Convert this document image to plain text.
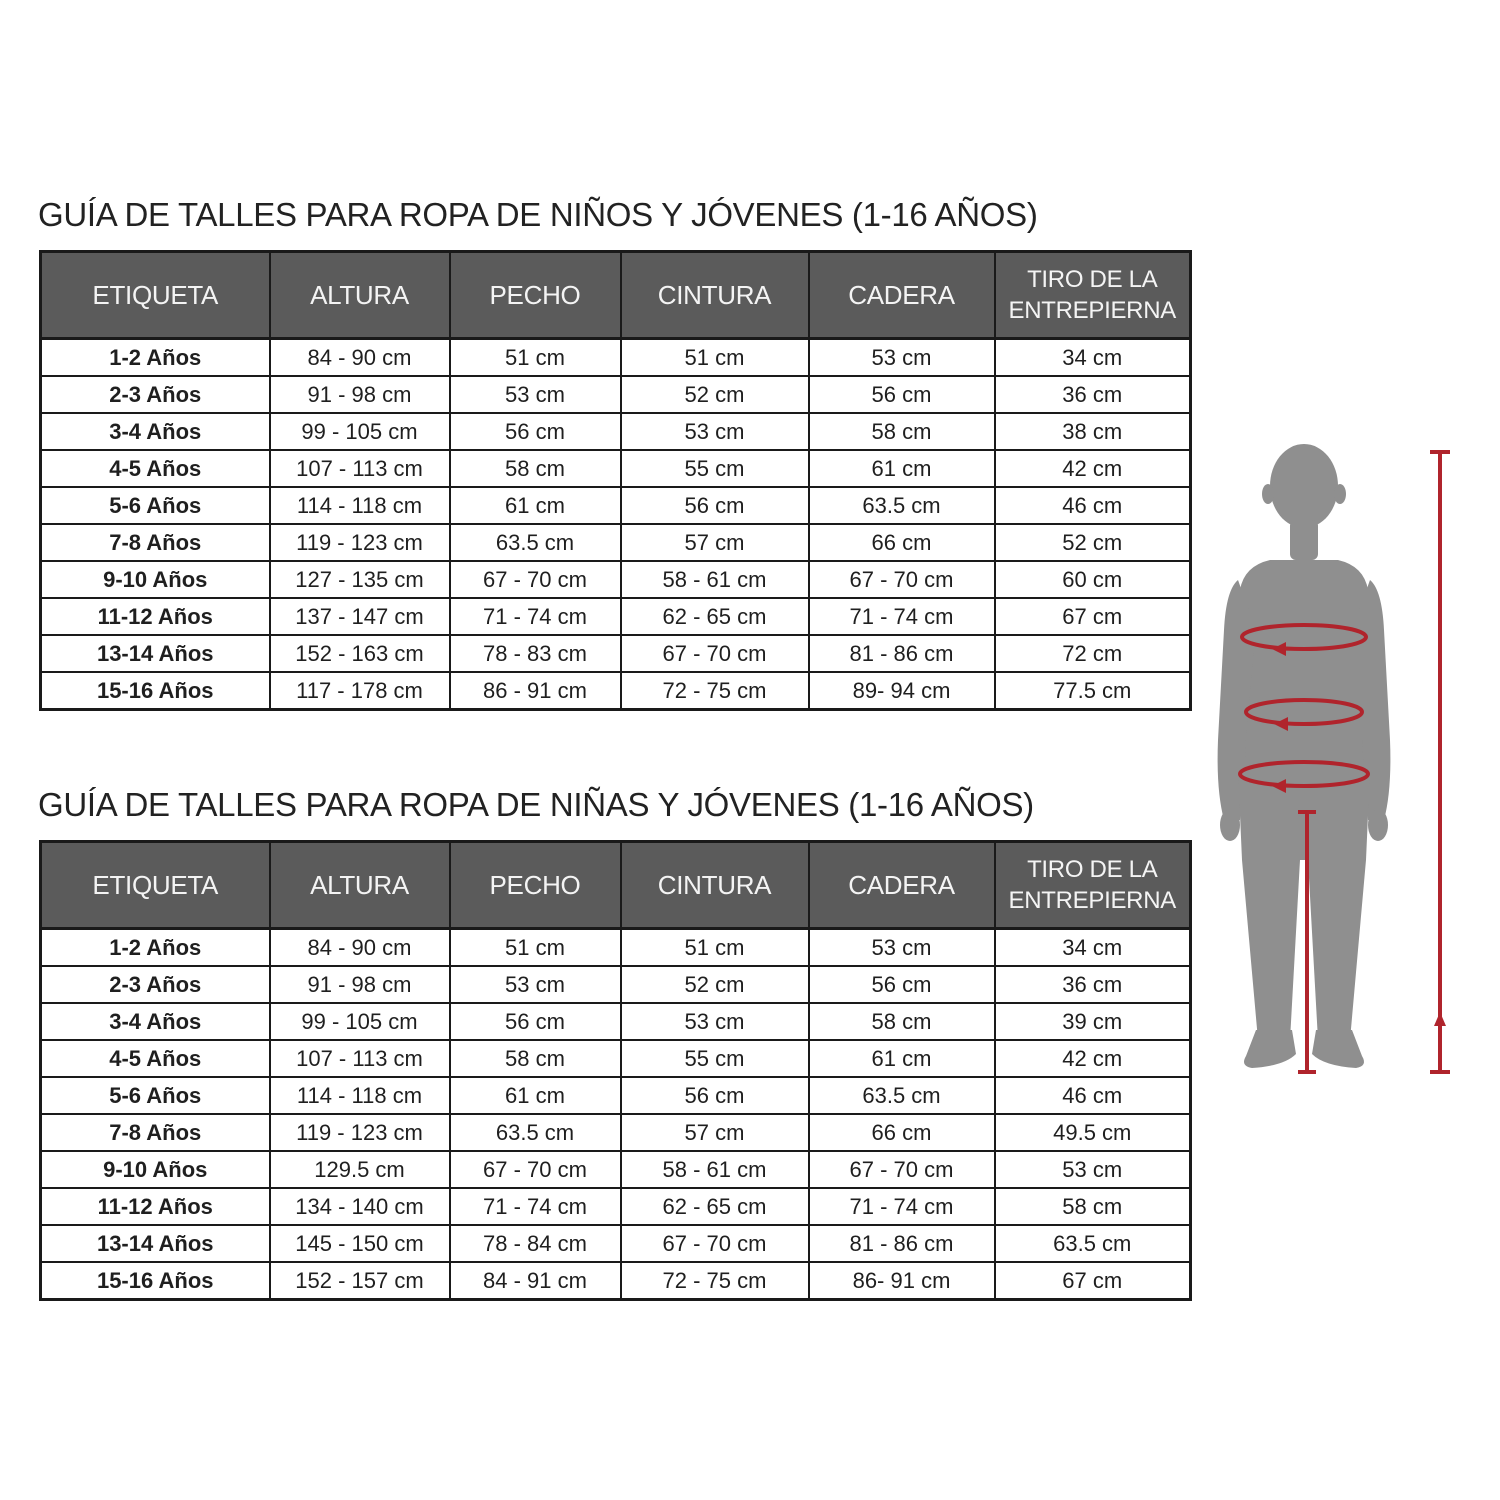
GUÍA DE TALLES PARA ROPA DE NIÑOS Y JÓVENES (1-16 AÑOS)
ETIQUETA	ALTURA	PECHO	CINTURA	CADERA	TIRO DE LA ENTREPIERNA
1-2 Años	84 - 90 cm	51 cm	51 cm	53 cm	34 cm
2-3 Años	91 - 98 cm	53 cm	52 cm	56 cm	36 cm
3-4 Años	99 - 105 cm	56 cm	53 cm	58 cm	38 cm
4-5 Años	107 - 113 cm	58 cm	55 cm	61 cm	42 cm
5-6 Años	114 - 118 cm	61 cm	56 cm	63.5 cm	46 cm
7-8 Años	119 - 123 cm	63.5 cm	57 cm	66 cm	52 cm
9-10 Años	127 - 135 cm	67 - 70 cm	58 - 61 cm	67 - 70 cm	60 cm
11-12 Años	137 - 147 cm	71 - 74 cm	62 - 65 cm	71 - 74 cm	67 cm
13-14 Años	152 - 163 cm	78 - 83 cm	67 - 70 cm	81 - 86 cm	72 cm
15-16 Años	117 - 178 cm	86 - 91 cm	72 - 75 cm	89- 94 cm	77.5 cm
GUÍA DE TALLES PARA ROPA DE NIÑAS Y JÓVENES (1-16 AÑOS)
ETIQUETA	ALTURA	PECHO	CINTURA	CADERA	TIRO DE LA ENTREPIERNA
1-2 Años	84 - 90 cm	51 cm	51 cm	53 cm	34 cm
2-3 Años	91 - 98 cm	53 cm	52 cm	56 cm	36 cm
3-4 Años	99 - 105 cm	56 cm	53 cm	58 cm	39 cm
4-5 Años	107 - 113 cm	58 cm	55 cm	61 cm	42 cm
5-6 Años	114 - 118 cm	61 cm	56 cm	63.5 cm	46 cm
7-8 Años	119 - 123 cm	63.5 cm	57 cm	66 cm	49.5 cm
9-10 Años	129.5 cm	67 - 70 cm	58 - 61 cm	67 - 70 cm	53 cm
11-12 Años	134 - 140 cm	71 - 74 cm	62 - 65 cm	71 - 74 cm	58 cm
13-14 Años	145 - 150 cm	78 - 84 cm	67 - 70 cm	81 - 86 cm	63.5 cm
15-16 Años	152 - 157 cm	84 - 91 cm	72 - 75 cm	86- 91 cm	67 cm
